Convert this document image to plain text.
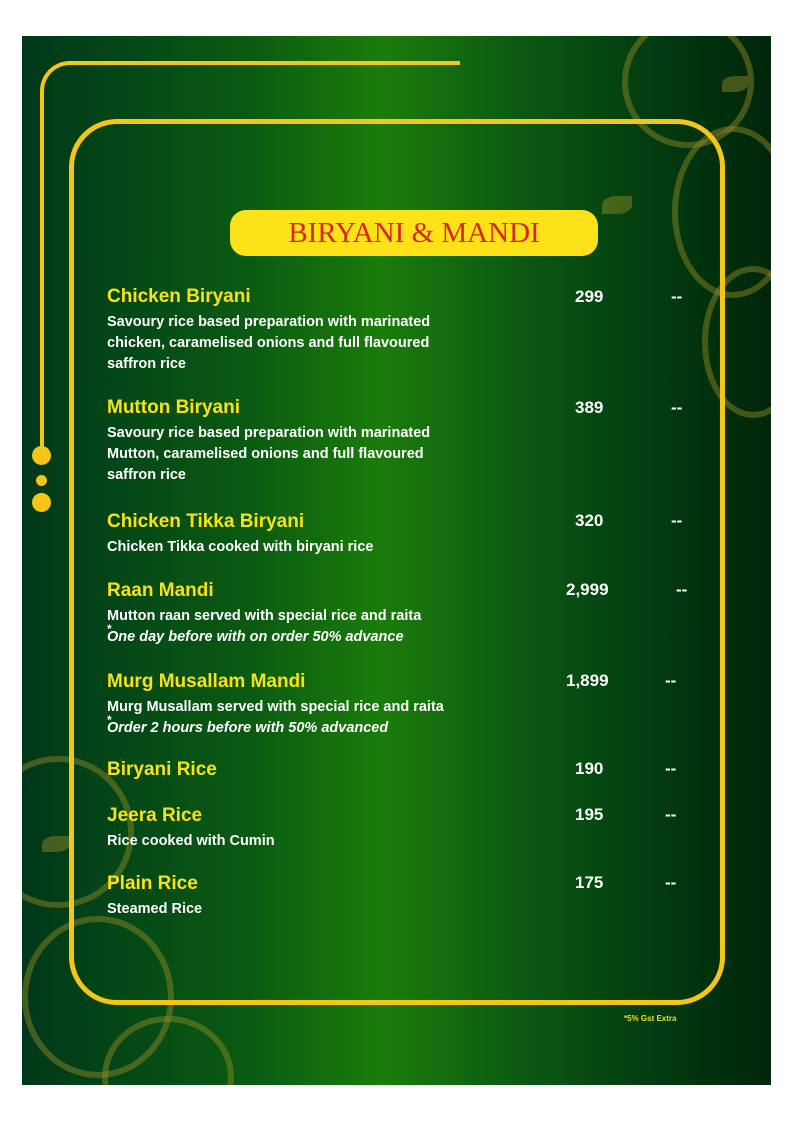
BIRYANI & MANDI
Chicken Biryani
Savoury rice based preparation with marinated
chicken, caramelised onions and full flavoured
saffron rice
299	--
Mutton Biryani
Savoury rice based preparation with marinated
Mutton, caramelised onions and full flavoured
saffron rice
389	--
Chicken Tikka Biryani
Chicken Tikka cooked with biryani rice
320	--
Raan Mandi
Mutton raan served with special rice and raita
* One day before with on order 50% advance
2,999	--
Murg Musallam Mandi
Murg Musallam served with special rice and raita
* Order 2 hours before with 50% advanced
1,899	--
Biryani Rice	190	--
Jeera Rice
Rice cooked with Cumin
195	--
Plain Rice
Steamed Rice
175	--
*5% Gst Extra
